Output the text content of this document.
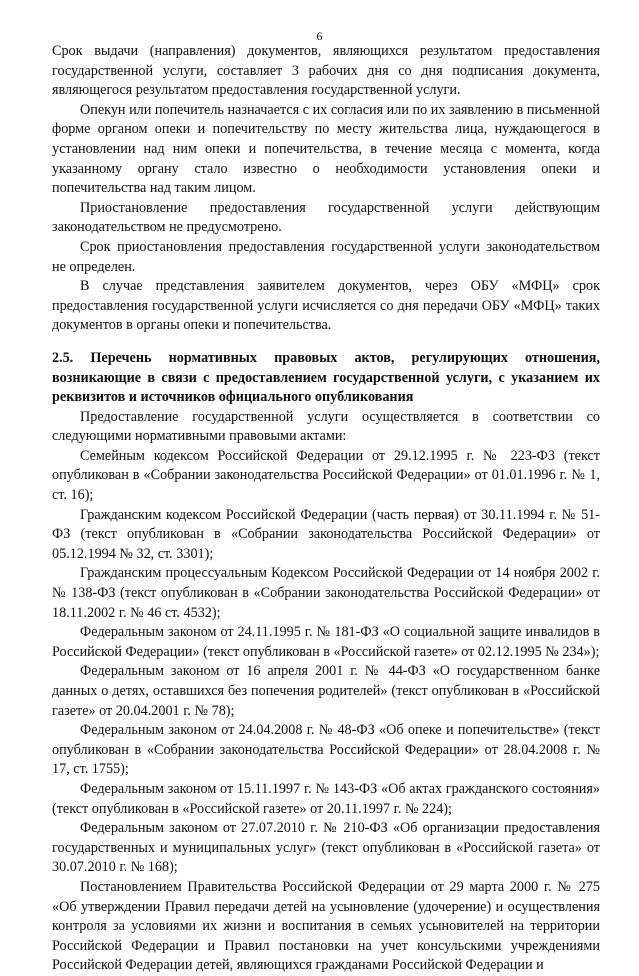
6

Срок выдачи (направления) документов, являющихся результатом предоставления государственной услуги, составляет 3 рабочих дня со дня подписания документа, являющегося результатом предоставления государственной услуги.

Опекун или попечитель назначается с их согласия или по их заявлению в письменной форме органом опеки и попечительству по месту жительства лица, нуждающегося в установлении над ним опеки и попечительства, в течение месяца с момента, когда указанному органу стало известно о необходимости установления опеки и попечительства над таким лицом.

Приостановление предоставления государственной услуги действующим законодательством не предусмотрено.

Срок приостановления предоставления государственной услуги законодательством не определен.

В случае представления заявителем документов, через ОБУ «МФЦ» срок предоставления государственной услуги исчисляется со дня передачи ОБУ «МФЦ» таких документов в органы опеки и попечительства.

2.5. Перечень нормативных правовых актов, регулирующих отношения, возникающие в связи с предоставлением государственной услуги, с указанием их реквизитов и источников официального опубликования

Предоставление государственной услуги осуществляется в соответствии со следующими нормативными правовыми актами:

Семейным кодексом Российской Федерации от 29.12.1995 г. № 223-ФЗ (текст опубликован в «Собрании законодательства Российской Федерации» от 01.01.1996 г. № 1, ст. 16);

Гражданским кодексом Российской Федерации (часть первая) от 30.11.1994 г. № 51-ФЗ (текст опубликован в «Собрании законодательства Российской Федерации» от 05.12.1994 № 32, ст. 3301);

Гражданским процессуальным Кодексом Российской Федерации от 14 ноября 2002 г. № 138-ФЗ (текст опубликован в «Собрании законодательства Российской Федерации» от 18.11.2002 г. № 46 ст. 4532);

Федеральным законом от 24.11.1995 г. № 181-ФЗ «О социальной защите инвалидов в Российской Федерации» (текст опубликован в «Российской газете» от 02.12.1995 № 234»);

Федеральным законом от 16 апреля 2001 г. № 44-ФЗ «О государственном банке данных о детях, оставшихся без попечения родителей» (текст опубликован в «Российской газете» от 20.04.2001 г. № 78);

Федеральным законом от 24.04.2008 г. № 48-ФЗ «Об опеке и попечительстве» (текст опубликован в «Собрании законодательства Российской Федерации» от 28.04.2008 г. № 17, ст. 1755);

Федеральным законом от 15.11.1997 г. № 143-ФЗ «Об актах гражданского состояния» (текст опубликован в «Российской газете» от 20.11.1997 г. № 224);

Федеральным законом от 27.07.2010 г. № 210-ФЗ «Об организации предоставления государственных и муниципальных услуг» (текст опубликован в «Российской газета» от 30.07.2010 г. № 168);

Постановлением Правительства Российской Федерации от 29 марта 2000 г. № 275 «Об утверждении Правил передачи детей на усыновление (удочерение) и осуществления контроля за условиями их жизни и воспитания в семьях усыновителей на территории Российской Федерации и Правил постановки на учет консульскими учреждениями Российской Федерации детей, являющихся гражданами Российской Федерации и
